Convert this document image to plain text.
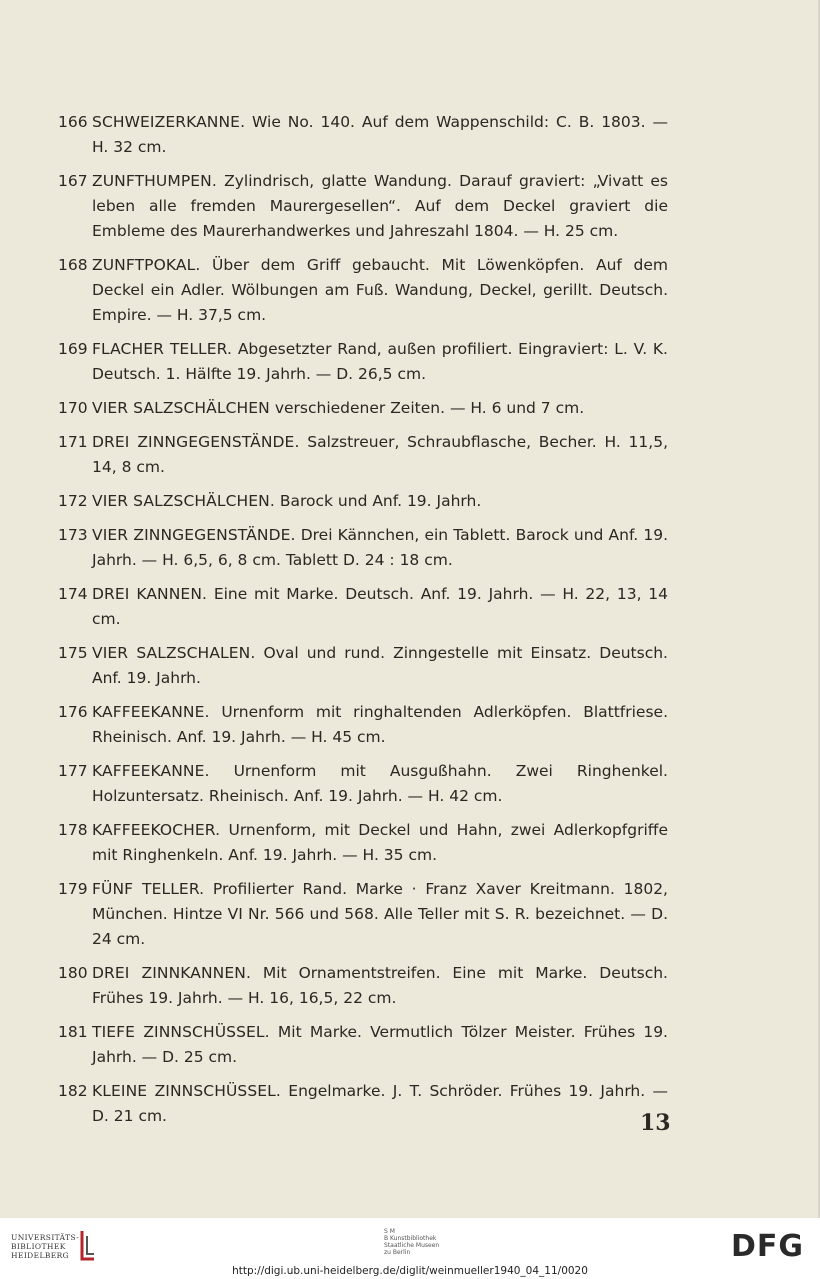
166 SCHWEIZERKANNE. Wie No. 140. Auf dem Wappenschild: C. B. 1803. — H. 32 cm.
167 ZUNFTHUMPEN. Zylindrisch, glatte Wandung. Darauf graviert: „Vivatt es leben alle fremden Maurergesellen“. Auf dem Deckel graviert die Embleme des Maurerhandwerkes und Jahreszahl 1804. — H. 25 cm.
168 ZUNFTPOKAL. Über dem Griff gebaucht. Mit Löwenköpfen. Auf dem Deckel ein Adler. Wölbungen am Fuß. Wandung, Deckel, gerillt. Deutsch. Empire. — H. 37,5 cm.
169 FLACHER TELLER. Abgesetzter Rand, außen profiliert. Eingraviert: L. V. K. Deutsch. 1. Hälfte 19. Jahrh. — D. 26,5 cm.
170 VIER SALZSCHÄLCHEN verschiedener Zeiten. — H. 6 und 7 cm.
171 DREI ZINNGEGENSTÄNDE. Salzstreuer, Schraubflasche, Becher. H. 11,5, 14, 8 cm.
172 VIER SALZSCHÄLCHEN. Barock und Anf. 19. Jahrh.
173 VIER ZINNGEGENSTÄNDE. Drei Kännchen, ein Tablett. Barock und Anf. 19. Jahrh. — H. 6,5, 6, 8 cm. Tablett D. 24 : 18 cm.
174 DREI KANNEN. Eine mit Marke. Deutsch. Anf. 19. Jahrh. — H. 22, 13, 14 cm.
175 VIER SALZSCHALEN. Oval und rund. Zinngestelle mit Einsatz. Deutsch. Anf. 19. Jahrh.
176 KAFFEEKANNE. Urnenform mit ringhaltenden Adlerköpfen. Blattfriese. Rheinisch. Anf. 19. Jahrh. — H. 45 cm.
177 KAFFEEKANNE. Urnenform mit Ausgußhahn. Zwei Ringhenkel. Holzuntersatz. Rheinisch. Anf. 19. Jahrh. — H. 42 cm.
178 KAFFEEKOCHER. Urnenform, mit Deckel und Hahn, zwei Adlerkopfgriffe mit Ringhenkeln. Anf. 19. Jahrh. — H. 35 cm.
179 FÜNF TELLER. Profilierter Rand. Marke · Franz Xaver Kreitmann. 1802, München. Hintze VI Nr. 566 und 568. Alle Teller mit S. R. bezeichnet. — D. 24 cm.
180 DREI ZINNKANNEN. Mit Ornamentstreifen. Eine mit Marke. Deutsch. Frühes 19. Jahrh. — H. 16, 16,5, 22 cm.
181 TIEFE ZINNSCHÜSSEL. Mit Marke. Vermutlich Tölzer Meister. Frühes 19. Jahrh. — D. 25 cm.
182 KLEINE ZINNSCHÜSSEL. Engelmarke. J. T. Schröder. Frühes 19. Jahrh. — D. 21 cm.	13
UNIVERSITÄTS-
BIBLIOTHEK
HEIDELBERG
S M
B Kunstbibliothek
Staatliche Museen
zu Berlin	DFG
http://digi.ub.uni-heidelberg.de/diglit/weinmueller1940_04_11/0020
